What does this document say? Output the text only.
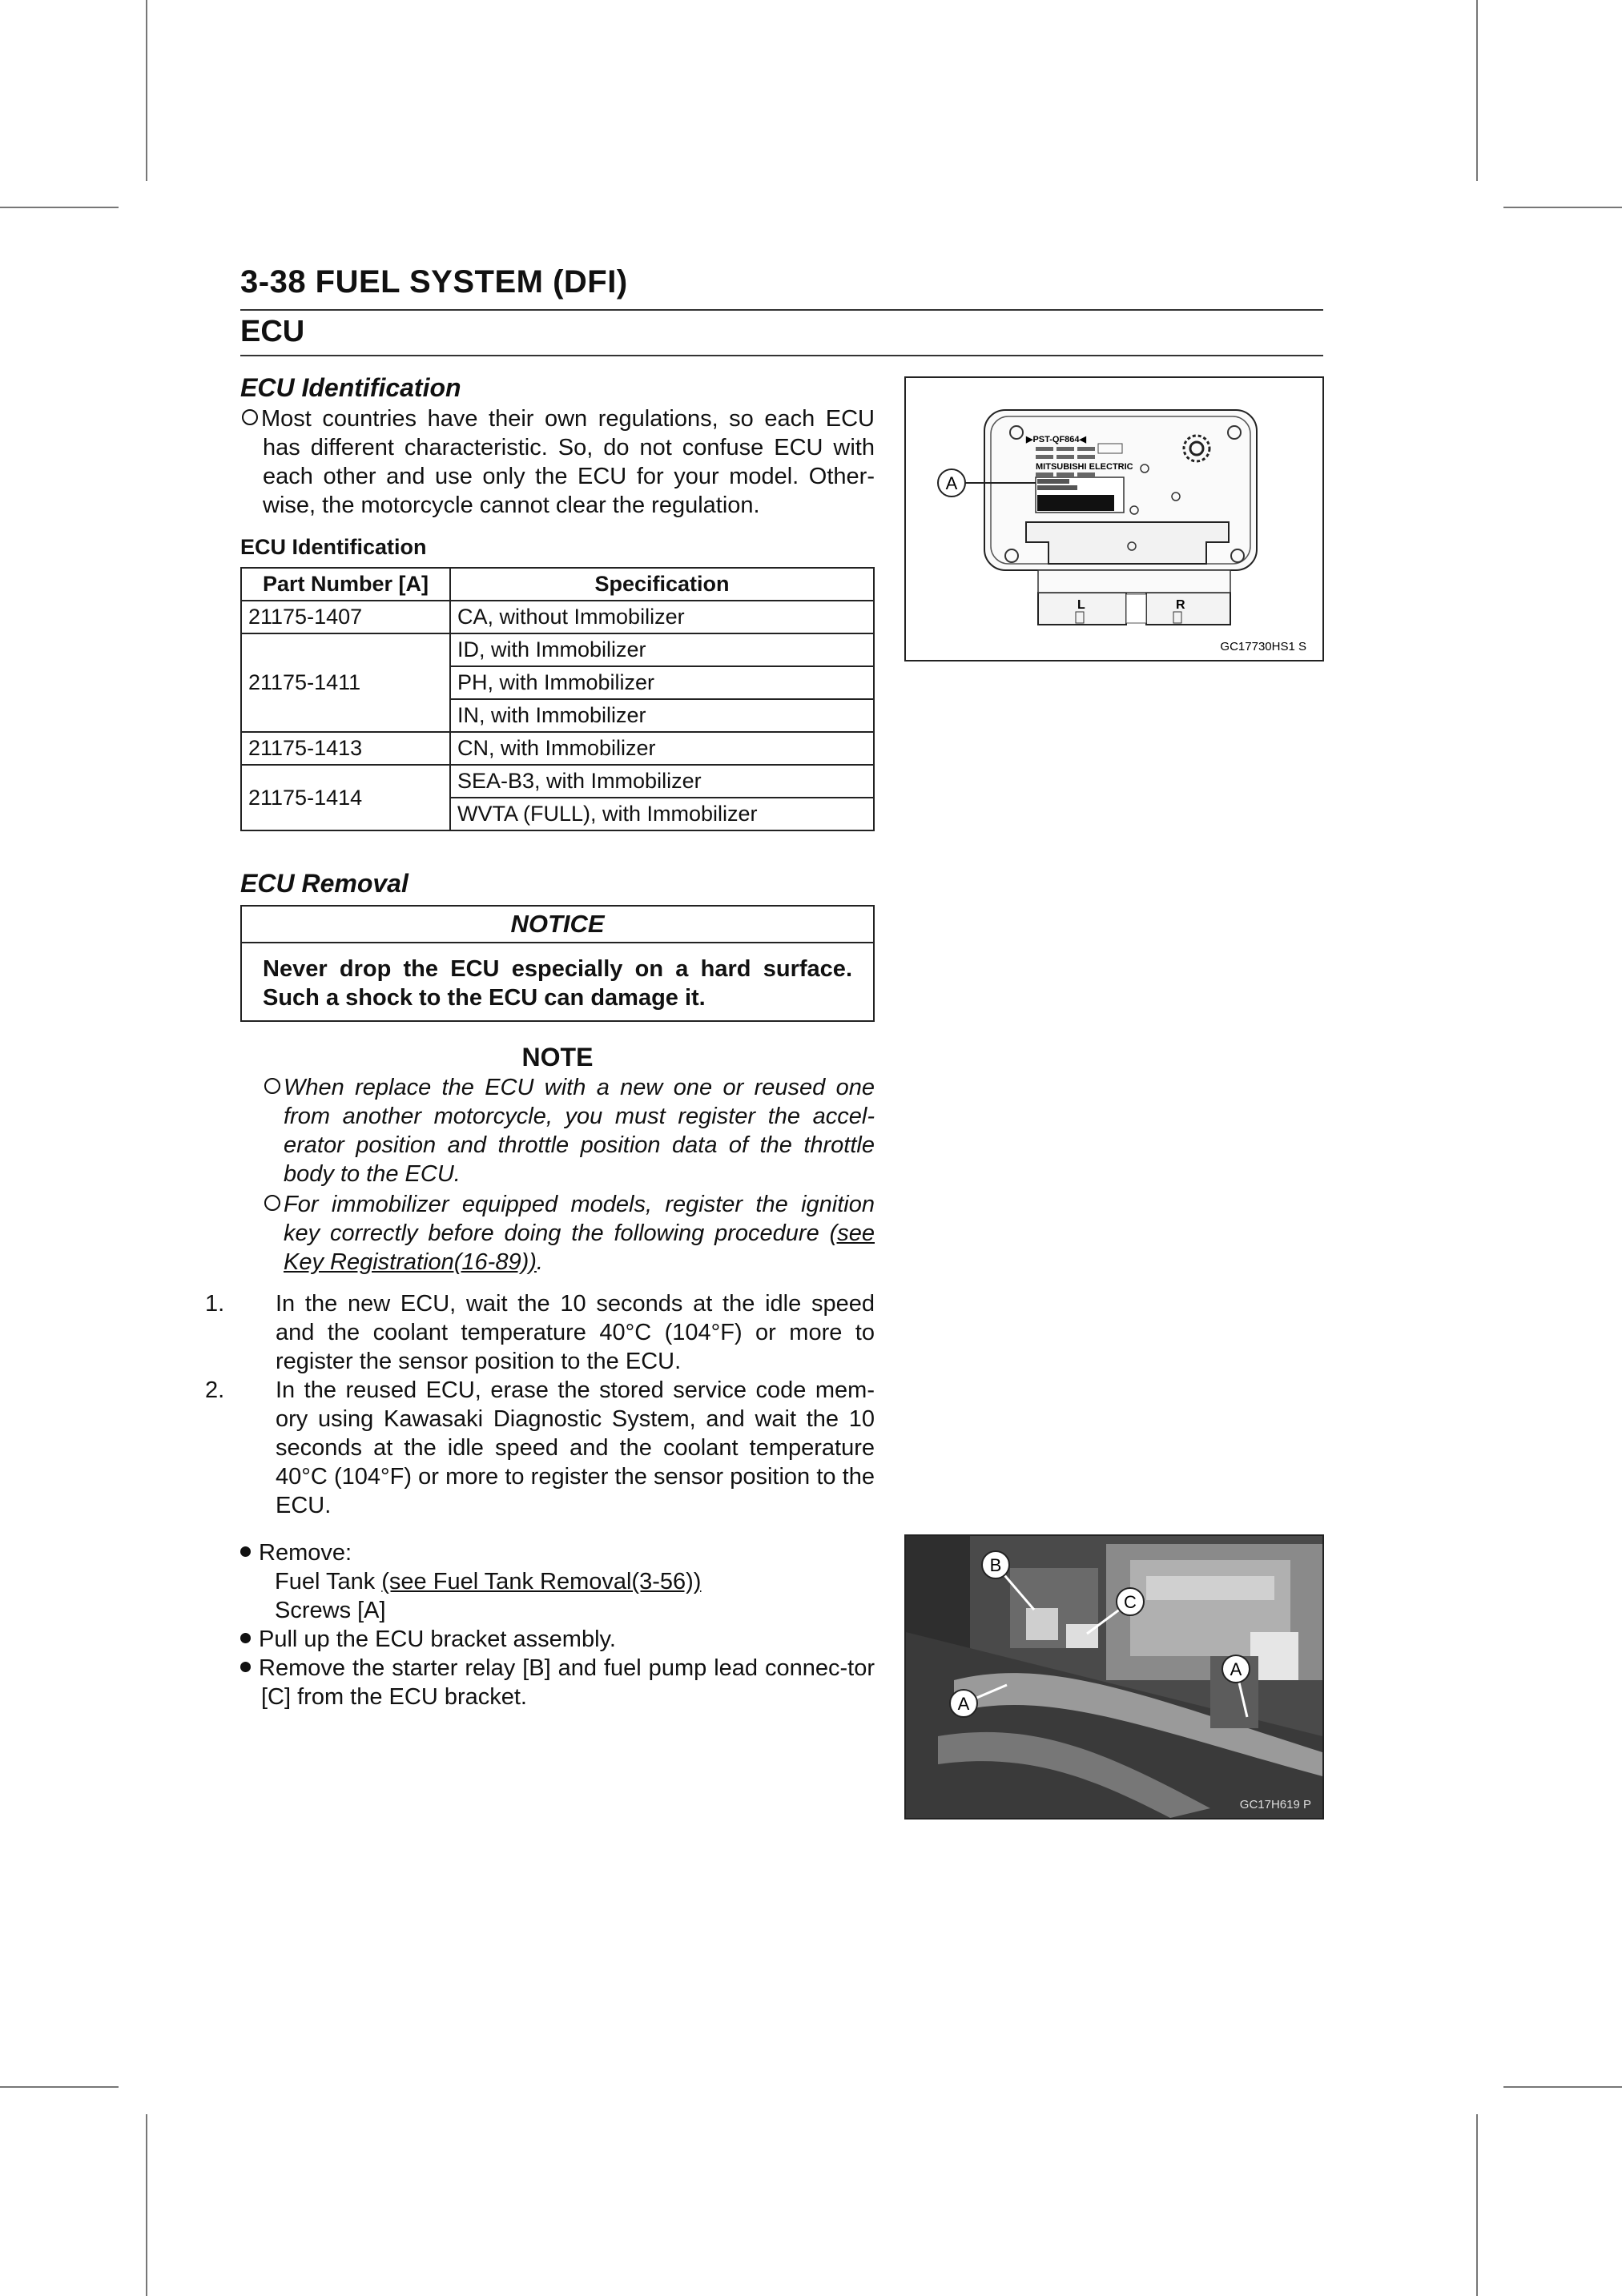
3-38 FUEL SYSTEM (DFI)
ECU
ECU Identification
Most countries have their own regulations, so each ECU has different characteristic. So, do not confuse ECU with each other and use only the ECU for your model. Other-wise, the motorcycle cannot clear the regulation.
ECU Identification
Part Number [A]	Specification
21175-1407	CA, without Immobilizer
21175-1411	ID, with Immobilizer
	PH, with Immobilizer
	IN, with Immobilizer
21175-1413	CN, with Immobilizer
21175-1414	SEA-B3, with Immobilizer
	WVTA (FULL), with Immobilizer
▶PST-QF864◀
MITSUBISHI ELECTRIC
L	R
A
GC17730HS1 S
ECU Removal
NOTICE
Never drop the ECU especially on a hard surface. Such a shock to the ECU can damage it.
NOTE
When replace the ECU with a new one or reused one from another motorcycle, you must register the accel-erator position and throttle position data of the throttle body to the ECU.
For immobilizer equipped models, register the ignition key correctly before doing the following procedure (see Key Registration(16-89)).
1. In the new ECU, wait the 10 seconds at the idle speed and the coolant temperature 40°C (104°F) or more to register the sensor position to the ECU.
2. In the reused ECU, erase the stored service code mem-ory using Kawasaki Diagnostic System, and wait the 10 seconds at the idle speed and the coolant temperature 40°C (104°F) or more to register the sensor position to the ECU.
Remove:
Fuel Tank (see Fuel Tank Removal(3-56))
Screws [A]
Pull up the ECU bracket assembly.
Remove the starter relay [B] and fuel pump lead connec-tor [C] from the ECU bracket.
B
C
A
A
GC17H619 P
